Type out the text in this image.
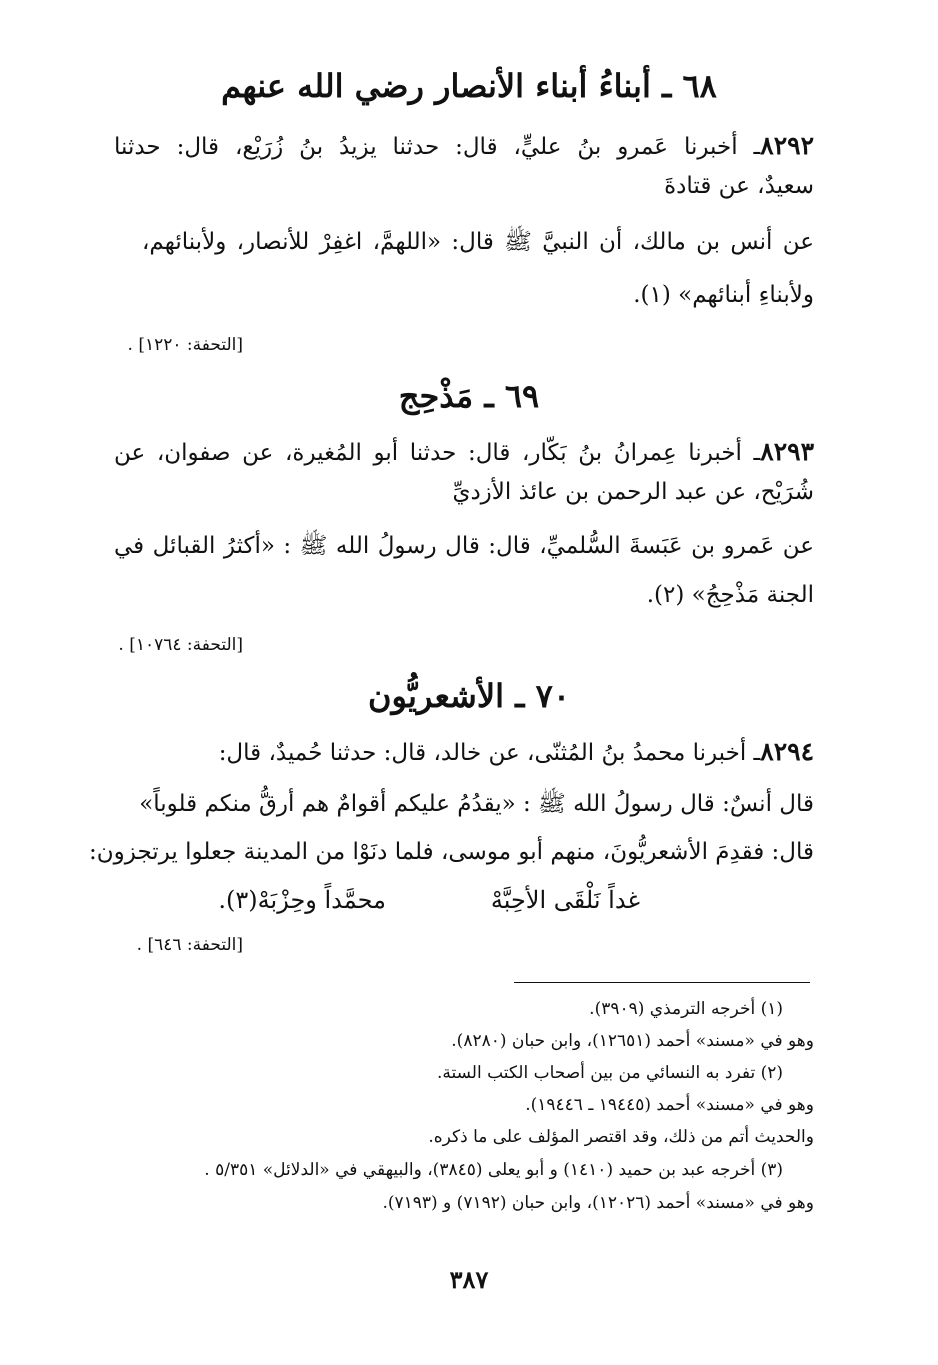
٦٨ ـ أبناءُ أبناء الأنصار رضي الله عنهم
٨٢٩٢ـ أخبرنا عَمرو بنُ عليٍّ، قال: حدثنا يزيدُ بنُ زُرَيْع، قال: حدثنا
سعيدٌ، عن قتادةَ
عن أنس بن مالك، أن النبيَّ ﷺ قال: «اللهمَّ، اغفِرْ للأنصار، ولأبنائهم،
ولأبناءِ أبنائهم» (١).
[التحفة: ١٢٢٠] .
٦٩ ـ مَذْحِج
٨٢٩٣ـ أخبرنا عِمرانُ بنُ بَكّار، قال: حدثنا أبو المُغيرة، عن صفوان، عن
شُرَيْح، عن عبد الرحمن بن عائذ الأزديِّ
عن عَمرو بن عَبَسةَ السُّلميِّ، قال: قال رسولُ الله ﷺ : «أكثرُ القبائل في
الجنة مَذْحِجُ» (٢).
[التحفة: ١٠٧٦٤] .
٧٠ ـ الأشعريُّون
٨٢٩٤ـ أخبرنا محمدُ بنُ المُثنّى، عن خالد، قال: حدثنا حُميدٌ، قال:
قال أنسٌ: قال رسولُ الله ﷺ : «يقدُمُ عليكم أقوامٌ هم أرقُّ منكم قلوباً»
قال: فقدِمَ الأشعريُّونَ، منهم أبو موسى، فلما دنَوْا من المدينة جعلوا يرتجزون:
غداً نَلْقَى الأحِبَّهْ
محمَّداً وحِزْبَهْ(٣).
[التحفة: ٦٤٦] .
(١) أخرجه الترمذي (٣٩٠٩).
وهو في «مسند» أحمد (١٢٦٥١)، وابن حبان (٨٢٨٠).
(٢) تفرد به النسائي من بين أصحاب الكتب الستة.
وهو في «مسند» أحمد (١٩٤٤٥ ـ ١٩٤٤٦).
والحديث أتم من ذلك، وقد اقتصر المؤلف على ما ذكره.
(٣) أخرجه عبد بن حميد (١٤١٠) و أبو يعلى (٣٨٤٥)، والبيهقي في «الدلائل» ٥/٣٥١ .
وهو في «مسند» أحمد (١٢٠٢٦)، وابن حبان (٧١٩٢) و (٧١٩٣).
٣٨٧
